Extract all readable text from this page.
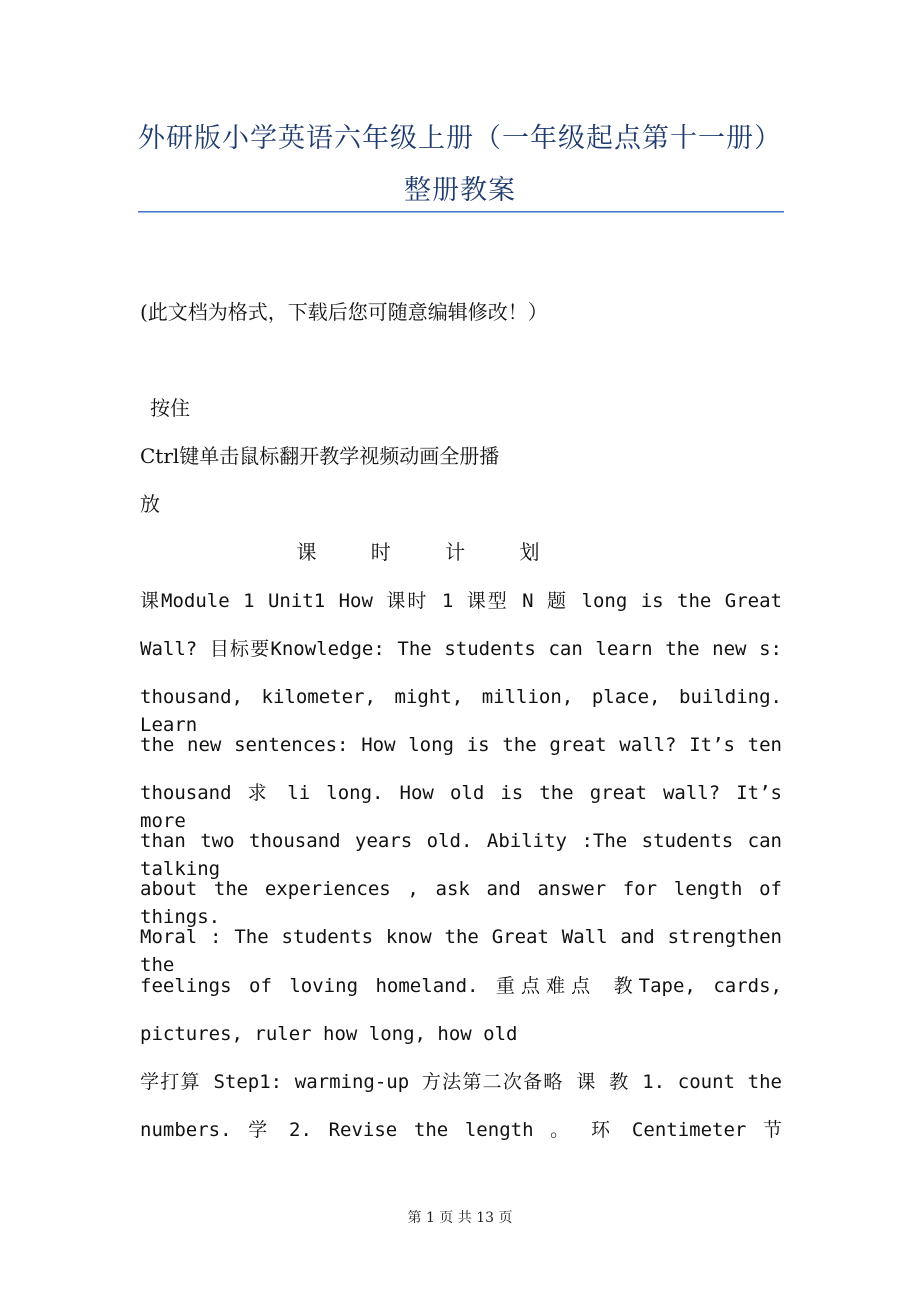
外研版小学英语六年级上册（一年级起点第十一册）
整册教案
(此文档为格式，下载后您可随意编辑修改！）
按住
Ctrl键单击鼠标翻开教学视频动画全册播
放
课 时 计 划
课Module 1 Unit1 How 课时 1 课型 N 题 long is the Great
Wall? 目标要Knowledge: The students can learn the new s:
thousand, kilometer, might, million, place, building. Learn
the new sentences: How long is the great wall? It’s ten
thousand 求 li long. How old is the great wall? It’s more
than two thousand years old. Ability :The students can talking
about the experiences , ask and answer for length of things.
Moral : The students know the Great Wall and strengthen the
feelings of loving homeland. 重点难点 教Tape, cards,
pictures, ruler how long, how old
学打算 Step1: warming-up 方法第二次备略 课 教 1. count the
numbers. 学 2. Revise the length 。 环 Centimeter 节
第 1 页 共 13 页
